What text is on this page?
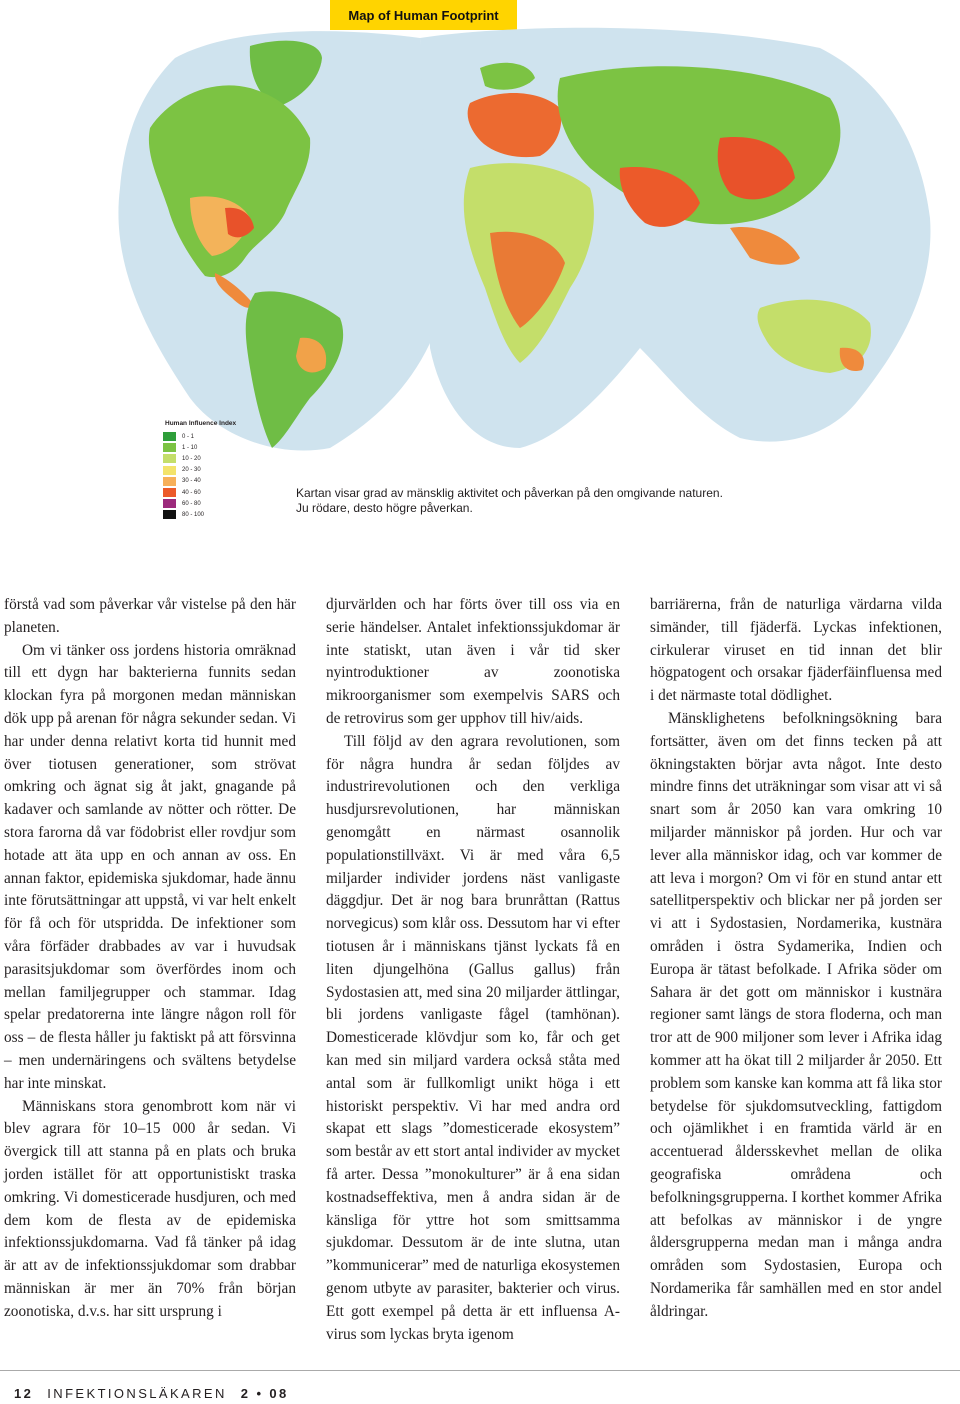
Map of Human Footprint
Human Influence Index
0 - 1
1 - 10
10 - 20
20 - 30
30 - 40
40 - 60
60 - 80
80 - 100

Kartan visar grad av mänsklig aktivitet och påverkan på den omgivande naturen.

Ju rödare, desto högre påverkan.

förstå vad som påverkar vår vistelse på den här planeten.

Om vi tänker oss jordens historia omräknad till ett dygn har bakterierna funnits sedan klockan fyra på morgonen medan människan dök upp på arenan för några sekunder sedan. Vi har under denna relativt korta tid hunnit med över tiotusen generationer, som strövat omkring och ägnat sig åt jakt, gnagande på kadaver och samlande av nötter och rötter. De stora farorna då var födobrist eller rovdjur som hotade att äta upp en och annan av oss. En annan faktor, epidemiska sjukdomar, hade ännu inte förutsättningar att uppstå, vi var helt enkelt för få och för utspridda. De infektioner som våra förfäder drabbades av var i huvudsak parasitsjukdomar som överfördes inom och mellan familjegrupper och stammar. Idag spelar predatorerna inte längre någon roll för oss – de flesta håller ju faktiskt på att försvinna – men undernäringens och svältens betydelse har inte minskat.

Människans stora genombrott kom när vi blev agrara för 10–15 000 år sedan. Vi övergick till att stanna på en plats och bruka jorden istället för att opportunistiskt traska omkring. Vi domesticerade husdjuren, och med dem kom de flesta av de epidemiska infektionssjukdomarna. Vad få tänker på idag är att av de infektionssjukdomar som drabbar människan är mer än 70% från början zoonotiska, d.v.s. har sitt ursprung i

djurvärlden och har förts över till oss via en serie händelser. Antalet infektionssjukdomar är inte statiskt, utan även i vår tid sker nyintroduktioner av zoonotiska mikroorganismer som exempelvis SARS och de retrovirus som ger upphov till hiv/aids.

Till följd av den agrara revolutionen, som för några hundra år sedan följdes av industrirevolutionen och den verkliga husdjursrevolutionen, har människan genomgått en närmast osannolik populationstillväxt. Vi är med våra 6,5 miljarder individer jordens näst vanligaste däggdjur. Det är nog bara brunråttan (Rattus norvegicus) som klår oss. Dessutom har vi efter tiotusen år i människans tjänst lyckats få en liten djungelhöna (Gallus gallus) från Sydostasien att, med sina 20 miljarder ättlingar, bli jordens vanligaste fågel (tamhönan). Domesticerade klövdjur som ko, får och get kan med sin miljard vardera också ståta med antal som är fullkomligt unikt höga i ett historiskt perspektiv. Vi har med andra ord skapat ett slags ”domesticerade ekosystem” som består av ett stort antal individer av mycket få arter. Dessa ”monokulturer” är å ena sidan kostnadseffektiva, men å andra sidan är de känsliga för yttre hot som smittsamma sjukdomar. Dessutom är de inte slutna, utan ”kommunicerar” med de naturliga ekosystemen genom utbyte av parasiter, bakterier och virus. Ett gott exempel på detta är ett influensa A-virus som lyckas bryta igenom

barriärerna, från de naturliga värdarna vilda simänder, till fjäderfä. Lyckas infektionen, cirkulerar viruset en tid innan det blir högpatogent och orsakar fjäderfäinfluensa med i det närmaste total dödlighet.

Mänsklighetens befolkningsökning bara fortsätter, även om det finns tecken på att ökningstakten börjar avta något. Inte desto mindre finns det uträkningar som visar att vi så snart som år 2050 kan vara omkring 10 miljarder människor på jorden. Hur och var lever alla människor idag, och var kommer de att leva i morgon? Om vi för en stund antar ett satellitperspektiv och blickar ner på jorden ser vi att i Sydostasien, Nordamerika, kustnära områden i östra Sydamerika, Indien och Europa är tätast befolkade. I Afrika söder om Sahara är det gott om människor i kustnära regioner samt längs de stora floderna, och man tror att de 900 miljoner som lever i Afrika idag kommer att ha ökat till 2 miljarder år 2050. Ett problem som kanske kan komma att få lika stor betydelse för sjukdomsutveckling, fattigdom och ojämlikhet i en framtida värld är en accentuerad åldersskevhet mellan de olika geografiska områdena och befolkningsgrupperna. I korthet kommer Afrika att befolkas av människor i de yngre åldersgrupperna medan man i många andra områden som Sydostasien, Europa och Nordamerika får samhällen med en stor andel åldringar.

12 INFEKTIONSLÄKAREN 2 • 08
